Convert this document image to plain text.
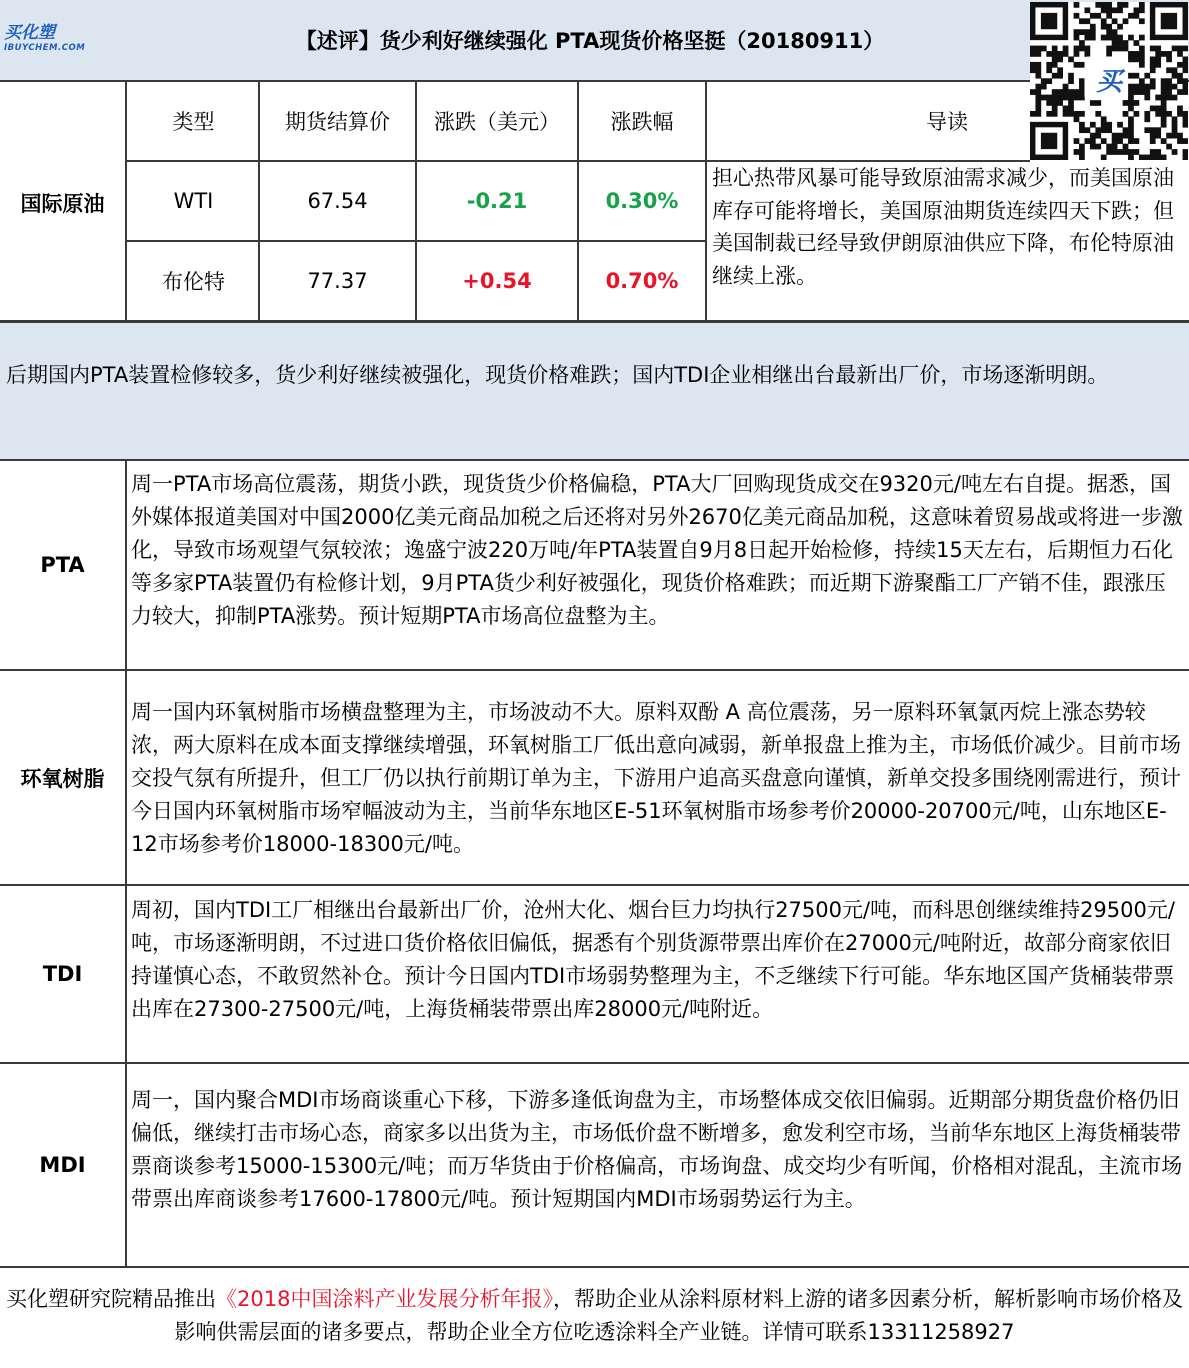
买化塑
IBUYCHEM.COM	【述评】货少利好继续强化 PTA现货价格坚挺（20180911）
买
国际原油
类型	期货结算价	涨跌（美元）	涨跌幅	导读
WTI	67.54	-0.21	0.30%
布伦特	77.37	+0.54	0.70%
担心热带风暴可能导致原油需求减少，而美国原油库存可能将增长，美国原油期货连续四天下跌；但美国制裁已经导致伊朗原油供应下降，布伦特原油继续上涨。
后期国内PTA装置检修较多，货少利好继续被强化，现货价格难跌；国内TDI企业相继出台最新出厂价，市场逐渐明朗。
PTA
周一PTA市场高位震荡，期货小跌，现货货少价格偏稳，PTA大厂回购现货成交在9320元/吨左右自提。据悉，国外媒体报道美国对中国2000亿美元商品加税之后还将对另外2670亿美元商品加税，这意味着贸易战或将进一步激化，导致市场观望气氛较浓；逸盛宁波220万吨/年PTA装置自9月8日起开始检修，持续15天左右，后期恒力石化等多家PTA装置仍有检修计划，9月PTA货少利好被强化，现货价格难跌；而近期下游聚酯工厂产销不佳，跟涨压力较大，抑制PTA涨势。预计短期PTA市场高位盘整为主。
环氧树脂
周一国内环氧树脂市场横盘整理为主，市场波动不大。原料双酚 A 高位震荡，另一原料环氧氯丙烷上涨态势较浓，两大原料在成本面支撑继续增强，环氧树脂工厂低出意向减弱，新单报盘上推为主，市场低价减少。目前市场交投气氛有所提升，但工厂仍以执行前期订单为主，下游用户追高买盘意向谨慎，新单交投多围绕刚需进行，预计今日国内环氧树脂市场窄幅波动为主，当前华东地区E-51环氧树脂市场参考价20000-20700元/吨，山东地区E-12市场参考价18000-18300元/吨。
TDI
周初，国内TDI工厂相继出台最新出厂价，沧州大化、烟台巨力均执行27500元/吨，而科思创继续维持29500元/吨，市场逐渐明朗，不过进口货价格依旧偏低，据悉有个别货源带票出库价在27000元/吨附近，故部分商家依旧持谨慎心态，不敢贸然补仓。预计今日国内TDI市场弱势整理为主，不乏继续下行可能。华东地区国产货桶装带票出库在27300-27500元/吨，上海货桶装带票出库28000元/吨附近。
MDI
周一，国内聚合MDI市场商谈重心下移，下游多逢低询盘为主，市场整体成交依旧偏弱。近期部分期货盘价格仍旧偏低，继续打击市场心态，商家多以出货为主，市场低价盘不断增多，愈发利空市场，当前华东地区上海货桶装带票商谈参考15000-15300元/吨；而万华货由于价格偏高，市场询盘、成交均少有听闻，价格相对混乱，主流市场带票出库商谈参考17600-17800元/吨。预计短期国内MDI市场弱势运行为主。
买化塑研究院精品推出《2018中国涂料产业发展分析年报》，帮助企业从涂料原材料上游的诸多因素分析，解析影响市场价格及影响供需层面的诸多要点，帮助企业全方位吃透涂料全产业链。详情可联系13311258927
